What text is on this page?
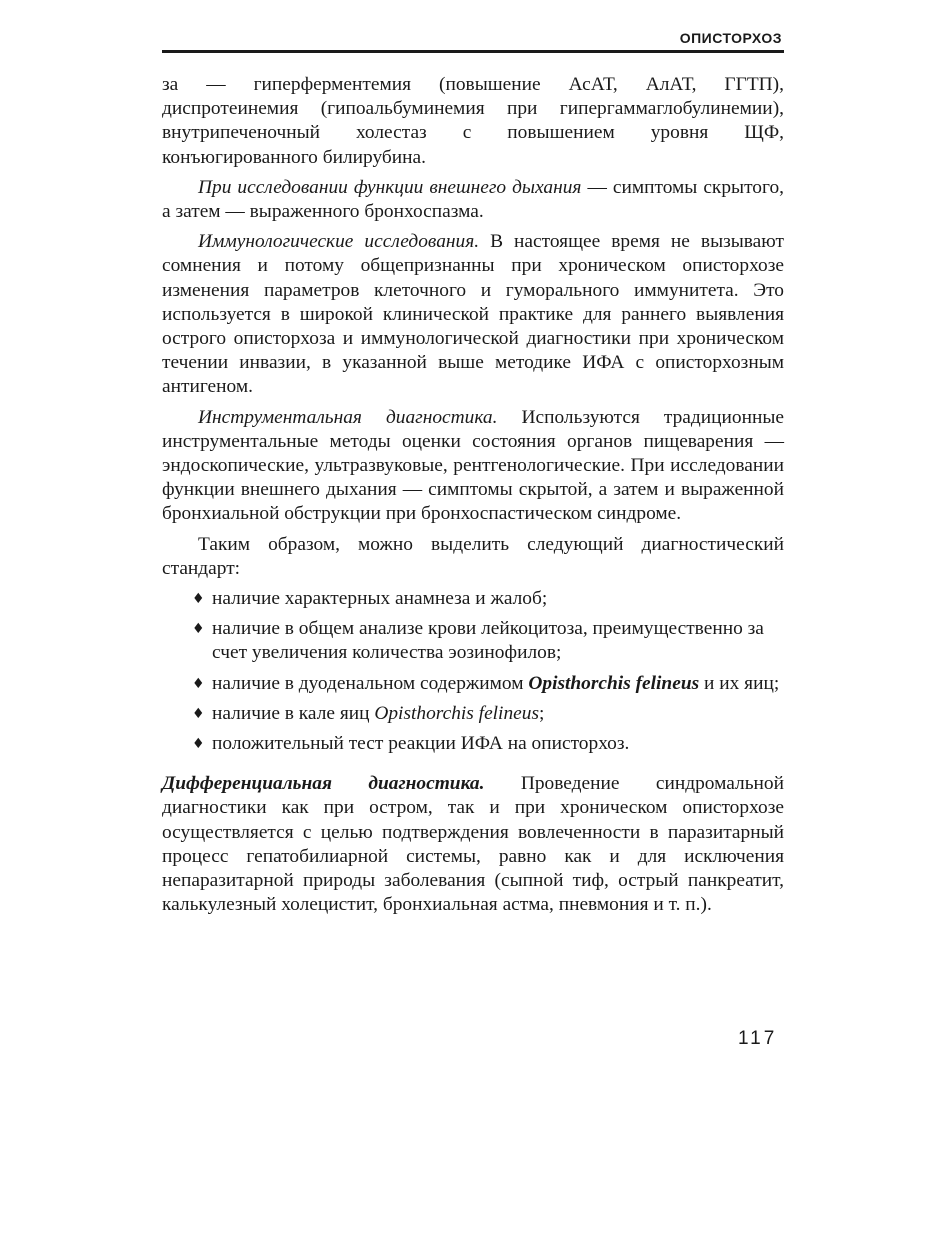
ОПИСТОРХОЗ

за — гиперферментемия (повышение АсАТ, АлАТ, ГГТП), диспротеинемия (гипоальбуминемия при гипергаммаглобулинемии), внутрипеченочный холестаз с повышением уровня ЩФ, конъюгированного билирубина.

При исследовании функции внешнего дыхания — симптомы скрытого, а затем — выраженного бронхоспазма.

Иммунологические исследования. В настоящее время не вызывают сомнения и потому общепризнанны при хроническом описторхозе изменения параметров клеточного и гуморального иммунитета. Это используется в широкой клинической практике для раннего выявления острого описторхоза и иммунологической диагностики при хроническом течении инвазии, в указанной выше методике ИФА с описторхозным антигеном.

Инструментальная диагностика. Используются традиционные инструментальные методы оценки состояния органов пищеварения — эндоскопические, ультразвуковые, рентгенологические. При исследовании функции внешнего дыхания — симптомы скрытой, а затем и выраженной бронхиальной обструкции при бронхоспастическом синдроме.

Таким образом, можно выделить следующий диагностический стандарт:

♦ наличие характерных анамнеза и жалоб;
♦ наличие в общем анализе крови лейкоцитоза, преимущественно за счет увеличения количества эозинофилов;
♦ наличие в дуоденальном содержимом Opisthorchis felineus и их яиц;
♦ наличие в кале яиц Opisthorchis felineus;
♦ положительный тест реакции ИФА на описторхоз.

Дифференциальная диагностика. Проведение синдромальной диагностики как при остром, так и при хроническом описторхозе осуществляется с целью подтверждения вовлеченности в паразитарный процесс гепатобилиарной системы, равно как и для исключения непаразитарной природы заболевания (сыпной тиф, острый панкреатит, калькулезный холецистит, бронхиальная астма, пневмония и т. п.).

117
